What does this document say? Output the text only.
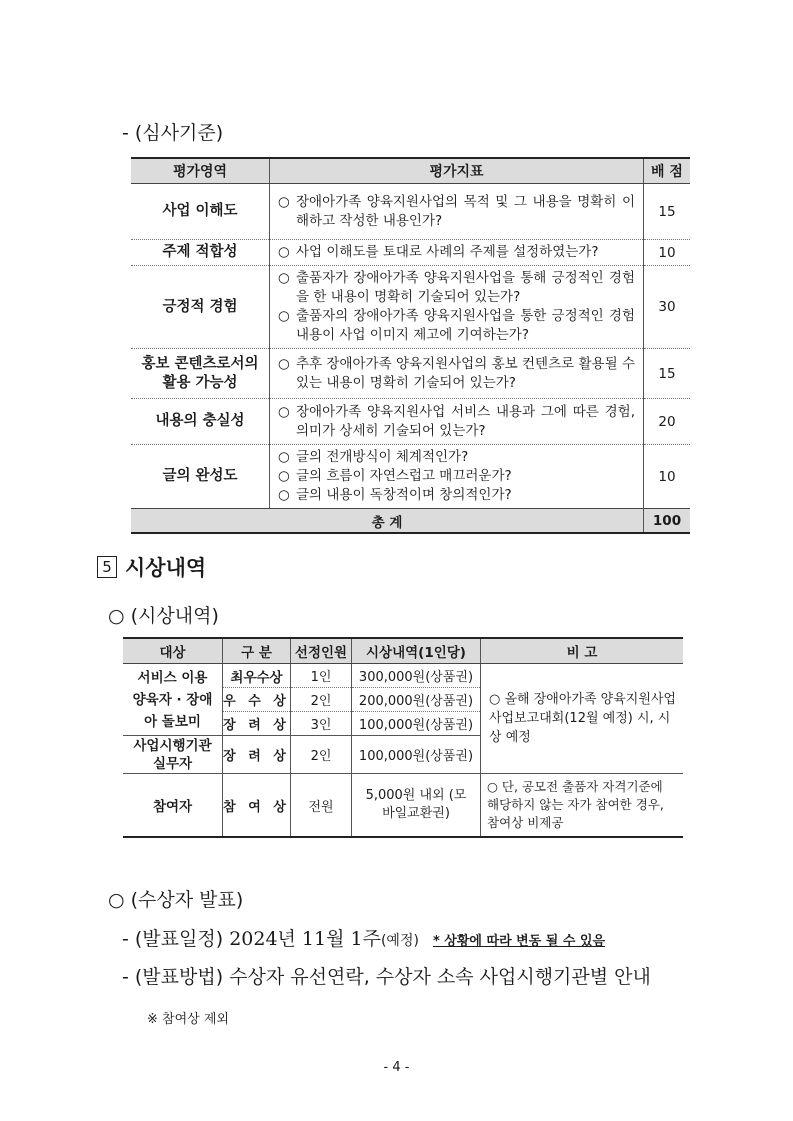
- (심사기준)
평가영역	평가지표	배 점
사업 이해도	○ 장애아가족 양육지원사업의 목적 및 그 내용을 명확히 이해하고 작성한 내용인가?	15
주제 적합성	○ 사업 이해도를 토대로 사례의 주제를 설정하였는가?	10
긍정적 경험	○ 출품자가 장애아가족 양육지원사업을 통해 긍정적인 경험을 한 내용이 명확히 기술되어 있는가?
○ 출품자의 장애아가족 양육지원사업을 통한 긍정적인 경험 내용이 사업 이미지 제고에 기여하는가?	30
홍보 콘텐츠로서의 활용 가능성	○ 추후 장애아가족 양육지원사업의 홍보 컨텐츠로 활용될 수 있는 내용이 명확히 기술되어 있는가?	15
내용의 충실성	○ 장애아가족 양육지원사업 서비스 내용과 그에 따른 경험, 의미가 상세히 기술되어 있는가?	20
글의 완성도	○ 글의 전개방식이 체계적인가?
○ 글의 흐름이 자연스럽고 매끄러운가?
○ 글의 내용이 독창적이며 창의적인가?	10
총 계		100
5 시상내역
○ (시상내역)
대상	구 분	선정인원	시상내역(1인당)	비 고
서비스 이용 양육자 · 장애아 돌보미	최우수상	1인	300,000원(상품권)	○ 올해 장애아가족 양육지원사업 사업보고대회(12월 예정) 시, 시상 예정
	우 수 상	2인	200,000원(상품권)	
	장 려 상	3인	100,000원(상품권)	
사업시행기관 실무자	장 려 상	2인	100,000원(상품권)	
참여자	참 여 상	전원	5,000원 내외 (모바일교환권)	○ 단, 공모전 출품자 자격기준에 해당하지 않는 자가 참여한 경우, 참여상 비제공
○ (수상자 발표)
- (발표일정) 2024년 11월 1주(예정) * 상황에 따라 변동 될 수 있음
- (발표방법) 수상자 유선연락, 수상자 소속 사업시행기관별 안내
※ 참여상 제외
- 4 -
